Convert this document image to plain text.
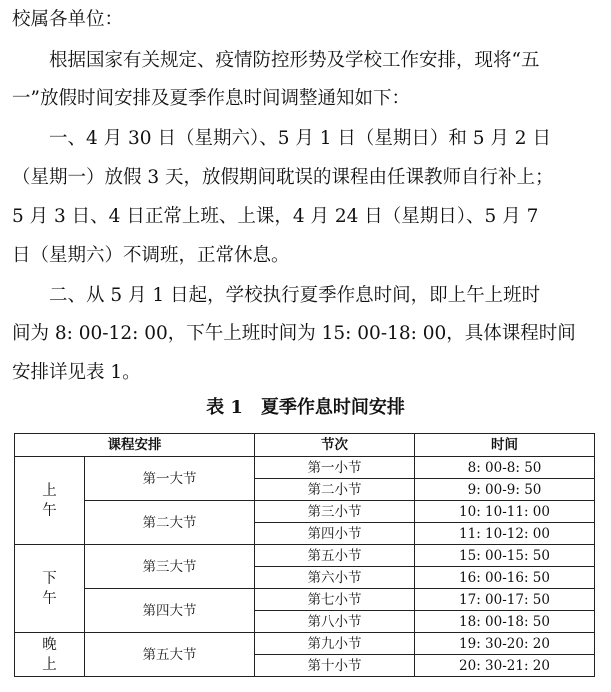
校属各单位：
　　根据国家有关规定、疫情防控形势及学校工作安排，现将“五
一”放假时间安排及夏季作息时间调整通知如下：
　　一、4 月 30 日（星期六）、5 月 1 日（星期日）和 5 月 2 日
（星期一）放假 3 天，放假期间耽误的课程由任课教师自行补上；
5 月 3 日、4 日正常上班、上课，4 月 24 日（星期日）、5 月 7
日（星期六）不调班，正常休息。
　　二、从 5 月 1 日起，学校执行夏季作息时间，即上午上班时
间为 8: 00-12: 00，下午上班时间为 15: 00-18: 00，具体课程时间
安排详见表 1。
表 1　夏季作息时间安排
课程安排		节次	时间
上午	第一大节	第一小节	8: 00-8: 50
		第二小节	9: 00-9: 50
	第二大节	第三小节	10: 10-11: 00
		第四小节	11: 10-12: 00
下午	第三大节	第五小节	15: 00-15: 50
		第六小节	16: 00-16: 50
	第四大节	第七小节	17: 00-17: 50
		第八小节	18: 00-18: 50
晚上	第五大节	第九小节	19: 30-20: 20
		第十小节	20: 30-21: 20
